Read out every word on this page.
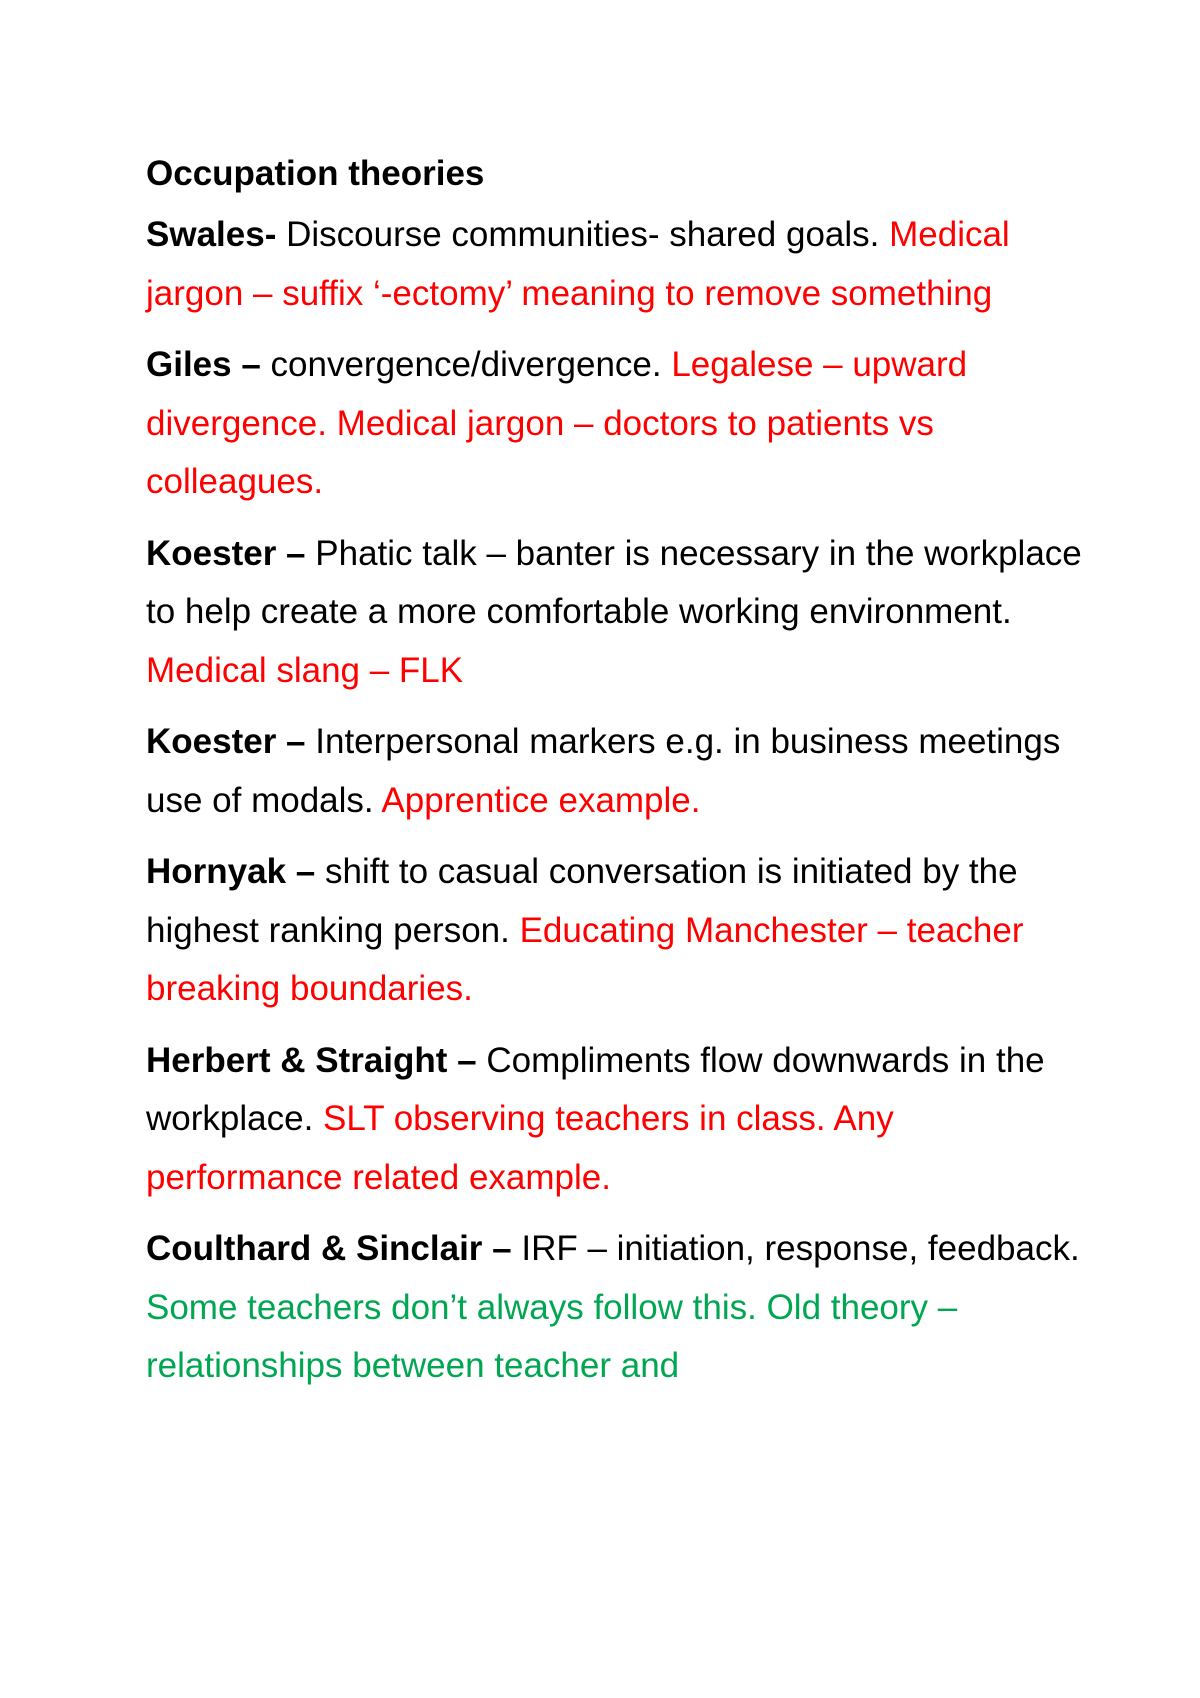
Occupation theories

Swales- Discourse communities- shared goals. Medical jargon – suffix ‘-ectomy’ meaning to remove something

Giles – convergence/divergence. Legalese – upward divergence. Medical jargon – doctors to patients vs colleagues.

Koester – Phatic talk – banter is necessary in the workplace to help create a more comfortable working environment. Medical slang – FLK

Koester – Interpersonal markers e.g. in business meetings use of modals. Apprentice example.

Hornyak – shift to casual conversation is initiated by the highest ranking person. Educating Manchester – teacher breaking boundaries.

Herbert & Straight – Compliments flow downwards in the workplace. SLT observing teachers in class. Any performance related example.

Coulthard & Sinclair – IRF – initiation, response, feedback. Some teachers don’t always follow this. Old theory – relationships between teacher and
